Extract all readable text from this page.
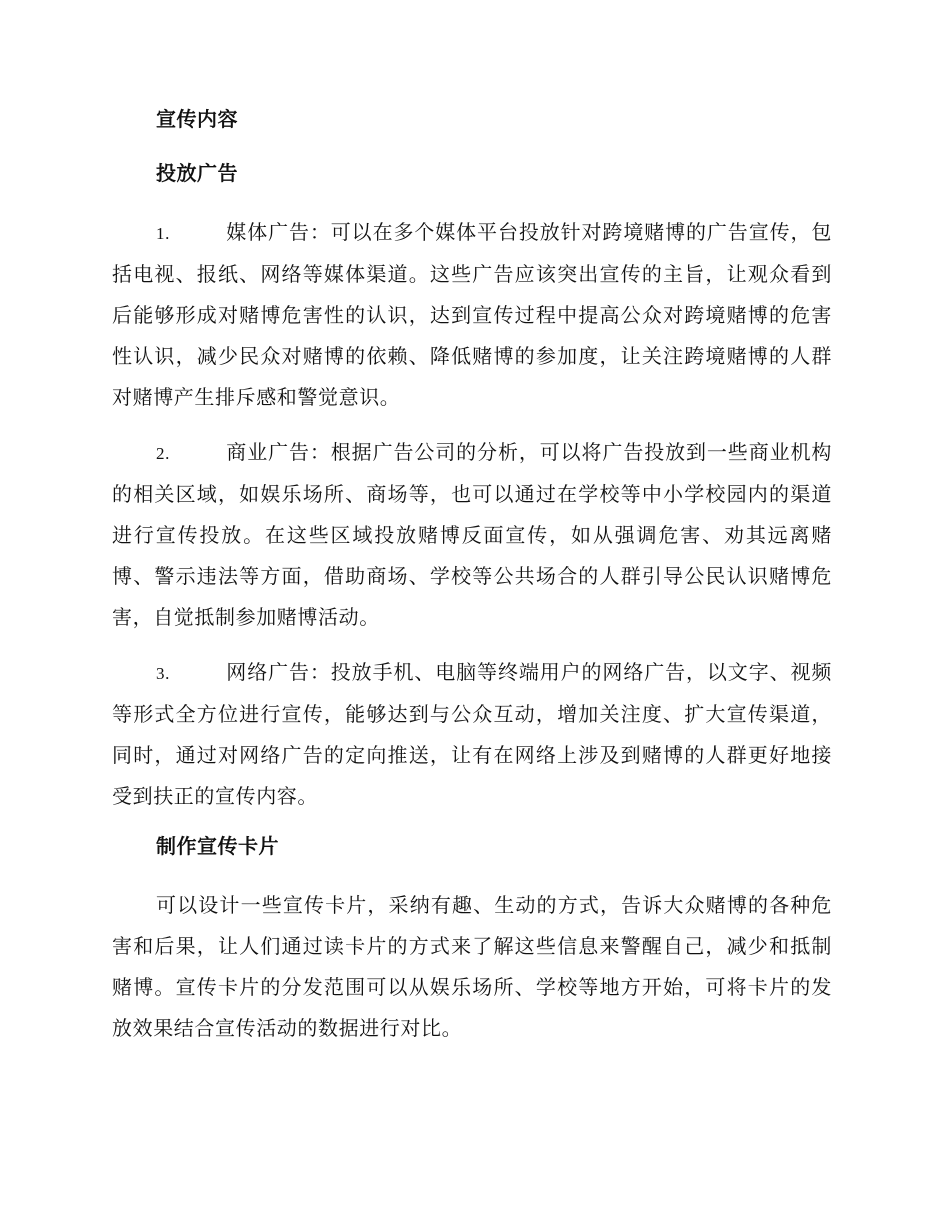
宣传内容
投放广告
1.	媒体广告：可以在多个媒体平台投放针对跨境赌博的广告宣传，包括电视、报纸、网络等媒体渠道。这些广告应该突出宣传的主旨，让观众看到后能够形成对赌博危害性的认识，达到宣传过程中提高公众对跨境赌博的危害性认识，减少民众对赌博的依赖、降低赌博的参加度，让关注跨境赌博的人群对赌博产生排斥感和警觉意识。
2.	商业广告：根据广告公司的分析，可以将广告投放到一些商业机构的相关区域，如娱乐场所、商场等，也可以通过在学校等中小学校园内的渠道进行宣传投放。在这些区域投放赌博反面宣传，如从强调危害、劝其远离赌博、警示违法等方面，借助商场、学校等公共场合的人群引导公民认识赌博危害，自觉抵制参加赌博活动。
3.	网络广告：投放手机、电脑等终端用户的网络广告，以文字、视频等形式全方位进行宣传，能够达到与公众互动，增加关注度、扩大宣传渠道，同时，通过对网络广告的定向推送，让有在网络上涉及到赌博的人群更好地接受到扶正的宣传内容。
制作宣传卡片
可以设计一些宣传卡片，采纳有趣、生动的方式，告诉大众赌博的各种危害和后果，让人们通过读卡片的方式来了解这些信息来警醒自己，减少和抵制赌博。宣传卡片的分发范围可以从娱乐场所、学校等地方开始，可将卡片的发放效果结合宣传活动的数据进行对比。
